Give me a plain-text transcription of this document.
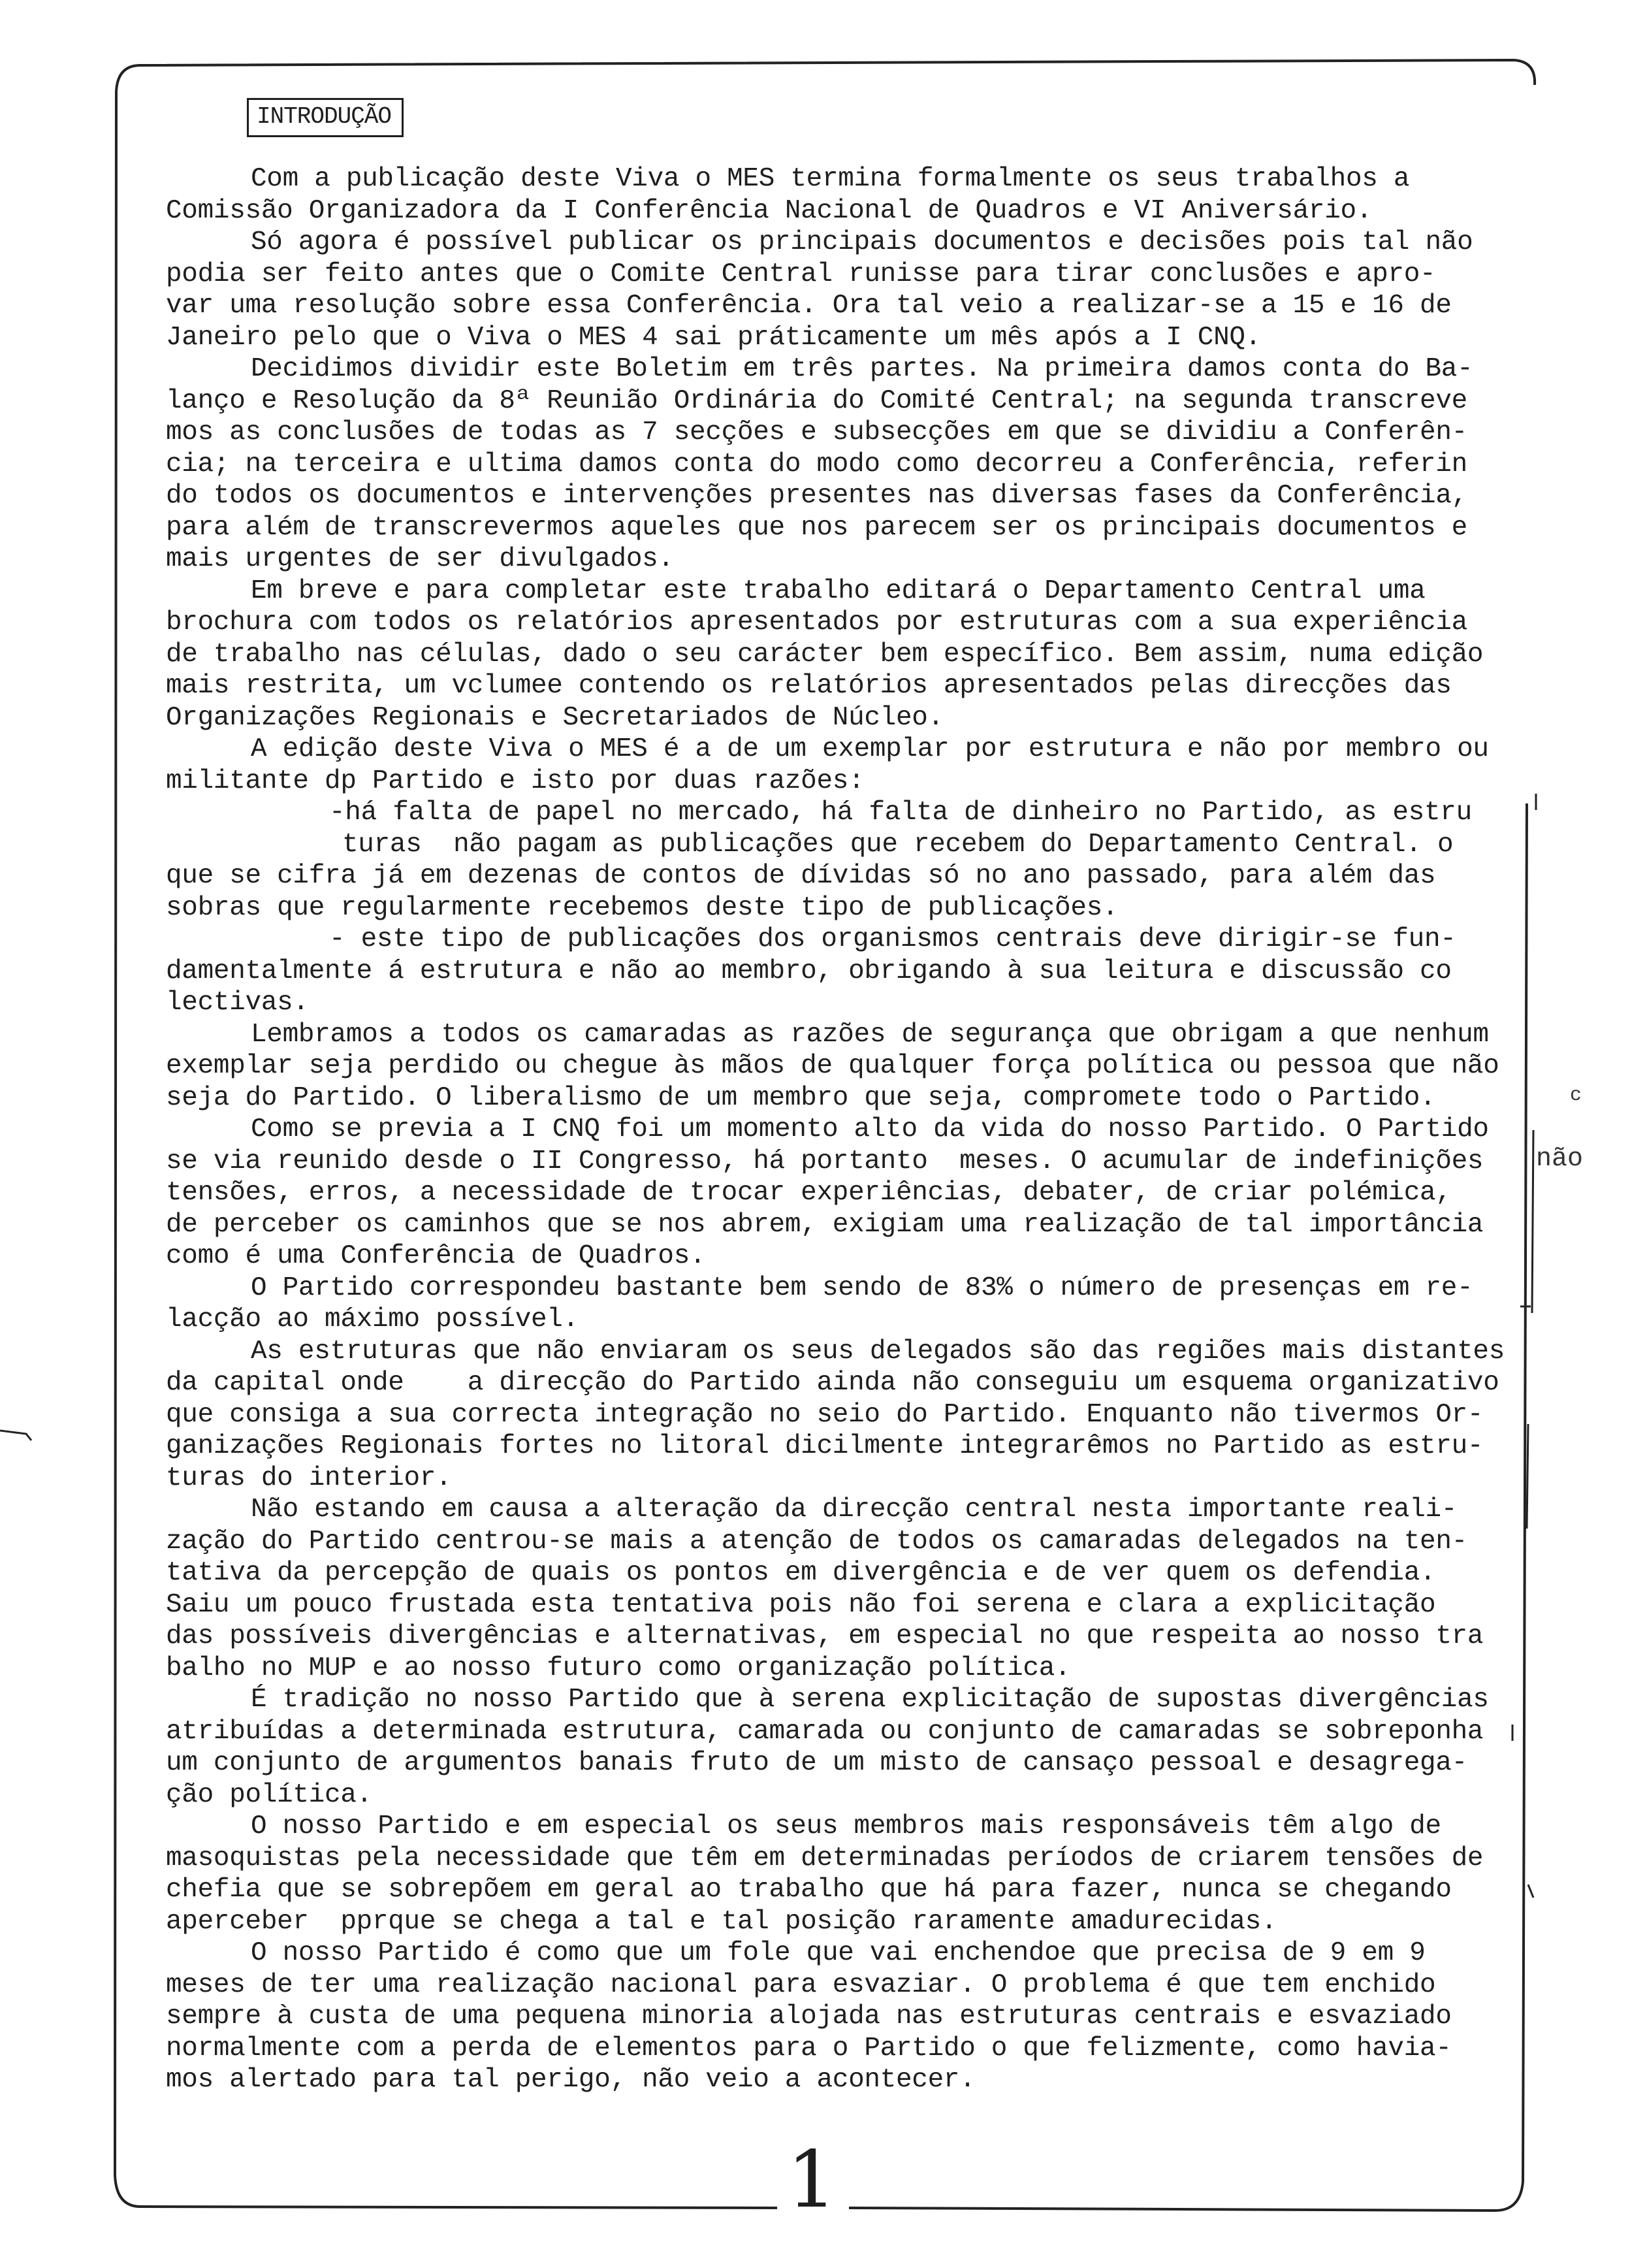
INTRODUÇÃO
Com a publicação deste Viva o MES termina formalmente os seus trabalhos a
Comissão Organizadora da I Conferência Nacional de Quadros e VI Aniversário.
Só agora é possível publicar os principais documentos e decisões pois tal não
podia ser feito antes que o Comite Central runisse para tirar conclusões e apro-
var uma resolução sobre essa Conferência. Ora tal veio a realizar-se a 15 e 16 de
Janeiro pelo que o Viva o MES 4 sai práticamente um mês após a I CNQ.
Decidimos dividir este Boletim em três partes. Na primeira damos conta do Ba-
lanço e Resolução da 8ª Reunião Ordinária do Comité Central; na segunda transcreve
mos as conclusões de todas as 7 secções e subsecções em que se dividiu a Conferên-
cia; na terceira e ultima damos conta do modo como decorreu a Conferência, referin
do todos os documentos e intervenções presentes nas diversas fases da Conferência,
para além de transcrevermos aqueles que nos parecem ser os principais documentos e
mais urgentes de ser divulgados.
Em breve e para completar este trabalho editará o Departamento Central uma
brochura com todos os relatórios apresentados por estruturas com a sua experiência
de trabalho nas células, dado o seu carácter bem específico. Bem assim, numa edição
mais restrita, um vclumee contendo os relatórios apresentados pelas direcções das
Organizações Regionais e Secretariados de Núcleo.
A edição deste Viva o MES é a de um exemplar por estrutura e não por membro ou
militante dp Partido e isto por duas razões:
-há falta de papel no mercado, há falta de dinheiro no Partido, as estru
turas  não pagam as publicações que recebem do Departamento Central. o
que se cifra já em dezenas de contos de dívidas só no ano passado, para além das
sobras que regularmente recebemos deste tipo de publicações.
- este tipo de publicações dos organismos centrais deve dirigir-se fun-
damentalmente á estrutura e não ao membro, obrigando à sua leitura e discussão co
lectivas.
Lembramos a todos os camaradas as razões de segurança que obrigam a que nenhum
exemplar seja perdido ou chegue às mãos de qualquer força política ou pessoa que não
seja do Partido. O liberalismo de um membro que seja, compromete todo o Partido.
Como se previa a I CNQ foi um momento alto da vida do nosso Partido. O Partido
se via reunido desde o II Congresso, há portanto  meses. O acumular de indefinições
tensões, erros, a necessidade de trocar experiências, debater, de criar polémica,
de perceber os caminhos que se nos abrem, exigiam uma realização de tal importância
como é uma Conferência de Quadros.
O Partido correspondeu bastante bem sendo de 83% o número de presenças em re-
lacção ao máximo possível.
As estruturas que não enviaram os seus delegados são das regiões mais distantes
da capital onde    a direcção do Partido ainda não conseguiu um esquema organizativo
que consiga a sua correcta integração no seio do Partido. Enquanto não tivermos Or-
ganizações Regionais fortes no litoral dicilmente integrarêmos no Partido as estru-
turas do interior.
Não estando em causa a alteração da direcção central nesta importante reali-
zação do Partido centrou-se mais a atenção de todos os camaradas delegados na ten-
tativa da percepção de quais os pontos em divergência e de ver quem os defendia.
Saiu um pouco frustada esta tentativa pois não foi serena e clara a explicitação
das possíveis divergências e alternativas, em especial no que respeita ao nosso tra
balho no MUP e ao nosso futuro como organização política.
É tradição no nosso Partido que à serena explicitação de supostas divergências
atribuídas a determinada estrutura, camarada ou conjunto de camaradas se sobreponha
um conjunto de argumentos banais fruto de um misto de cansaço pessoal e desagrega-
ção política.
O nosso Partido e em especial os seus membros mais responsáveis têm algo de
masoquistas pela necessidade que têm em determinadas períodos de criarem tensões de
chefia que se sobrepõem em geral ao trabalho que há para fazer, nunca se chegando
aperceber  pprque se chega a tal e tal posição raramente amadurecidas.
O nosso Partido é como que um fole que vai enchendoe que precisa de 9 em 9
meses de ter uma realização nacional para esvaziar. O problema é que tem enchido
sempre à custa de uma pequena minoria alojada nas estruturas centrais e esvaziado
normalmente com a perda de elementos para o Partido o que felizmente, como havia-
mos alertado para tal perigo, não veio a acontecer.
não
c
1
